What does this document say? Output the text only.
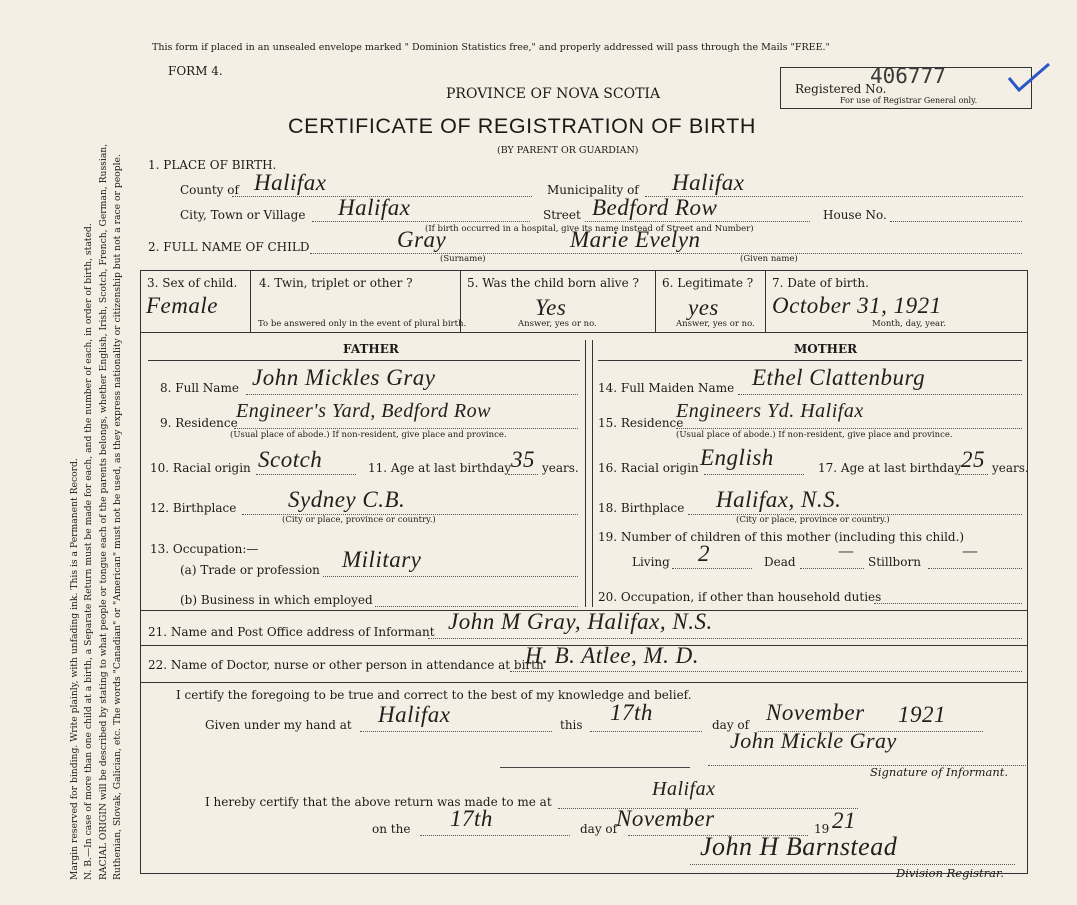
Margin reserved for binding. Write plainly, with unfading ink. This is a Permanent Record. N. B.—In case of more than one child at a birth, a Separate Return must be made for each, and the number of each, in order of birth, stated. RACIAL ORIGIN will be described by stating to what people or tongue each of the parents belongs, whether English, Irish, Scotch, French, German, Russian, Ruthenian, Slovak, Galician, etc. The words "Canadian" or "American" must not be used, as they express nationality or citizenship but not a race or people.
This form if placed in an unsealed envelope marked " Dominion Statistics free," and properly addressed will pass through the Mails "FREE."
FORM 4.
PROVINCE OF NOVA SCOTIA
CERTIFICATE OF REGISTRATION OF BIRTH
(BY PARENT OR GUARDIAN)
Registered No.
406777
For use of Registrar General only.
1. PLACE OF BIRTH.
County of Halifax	Municipality of Halifax
City, Town or Village Halifax	Street Bedford Row	House No.
(If birth occurred in a hospital, give its name instead of Street and Number)
2. FULL NAME OF CHILD	Gray	Marie Evelyn
(Surname)	(Given name)
3. Sex of child.
Female
4. Twin, triplet or other ?
To be answered only in the event of plural birth.
5. Was the child born alive ?
Yes
Answer, yes or no.
6. Legitimate ?
yes
Answer, yes or no.
7. Date of birth.
October 31, 1921
Month, day, year.
FATHER	MOTHER
8. Full Name John Mickles Gray
9. Residence
Engineer's Yard, Bedford Row
(Usual place of abode.) If non-resident, give place and province.
10. Racial origin Scotch	11. Age at last birthday 35 years.
12. Birthplace Sydney C.B.
(City or place, province or country.)
13. Occupation:—
(a) Trade or profession Military
(b) Business in which employed
14. Full Maiden Name Ethel Clattenburg
15. Residence
Engineers Yd. Halifax
(Usual place of abode.) If non-resident, give place and province.
16. Racial origin English	17. Age at last birthday 25 years.
18. Birthplace Halifax, N.S.
(City or place, province or country.)
19. Number of children of this mother (including this child.)
Living 2	Dead
—
Stillborn
—
20. Occupation, if other than household duties
21. Name and Post Office address of Informant John M Gray, Halifax, N.S.
22. Name of Doctor, nurse or other person in attendance at birth
H. B. Atlee, M. D.
I certify the foregoing to be true and correct to the best of my knowledge and belief.
Given under my hand at Halifax	this 17th	day of November 1921
John Mickle Gray
Signature of Informant.
I hereby certify that the above return was made to me at
Halifax
on the 17th	day of
November	19 21
John H Barnstead
Division Registrar.
